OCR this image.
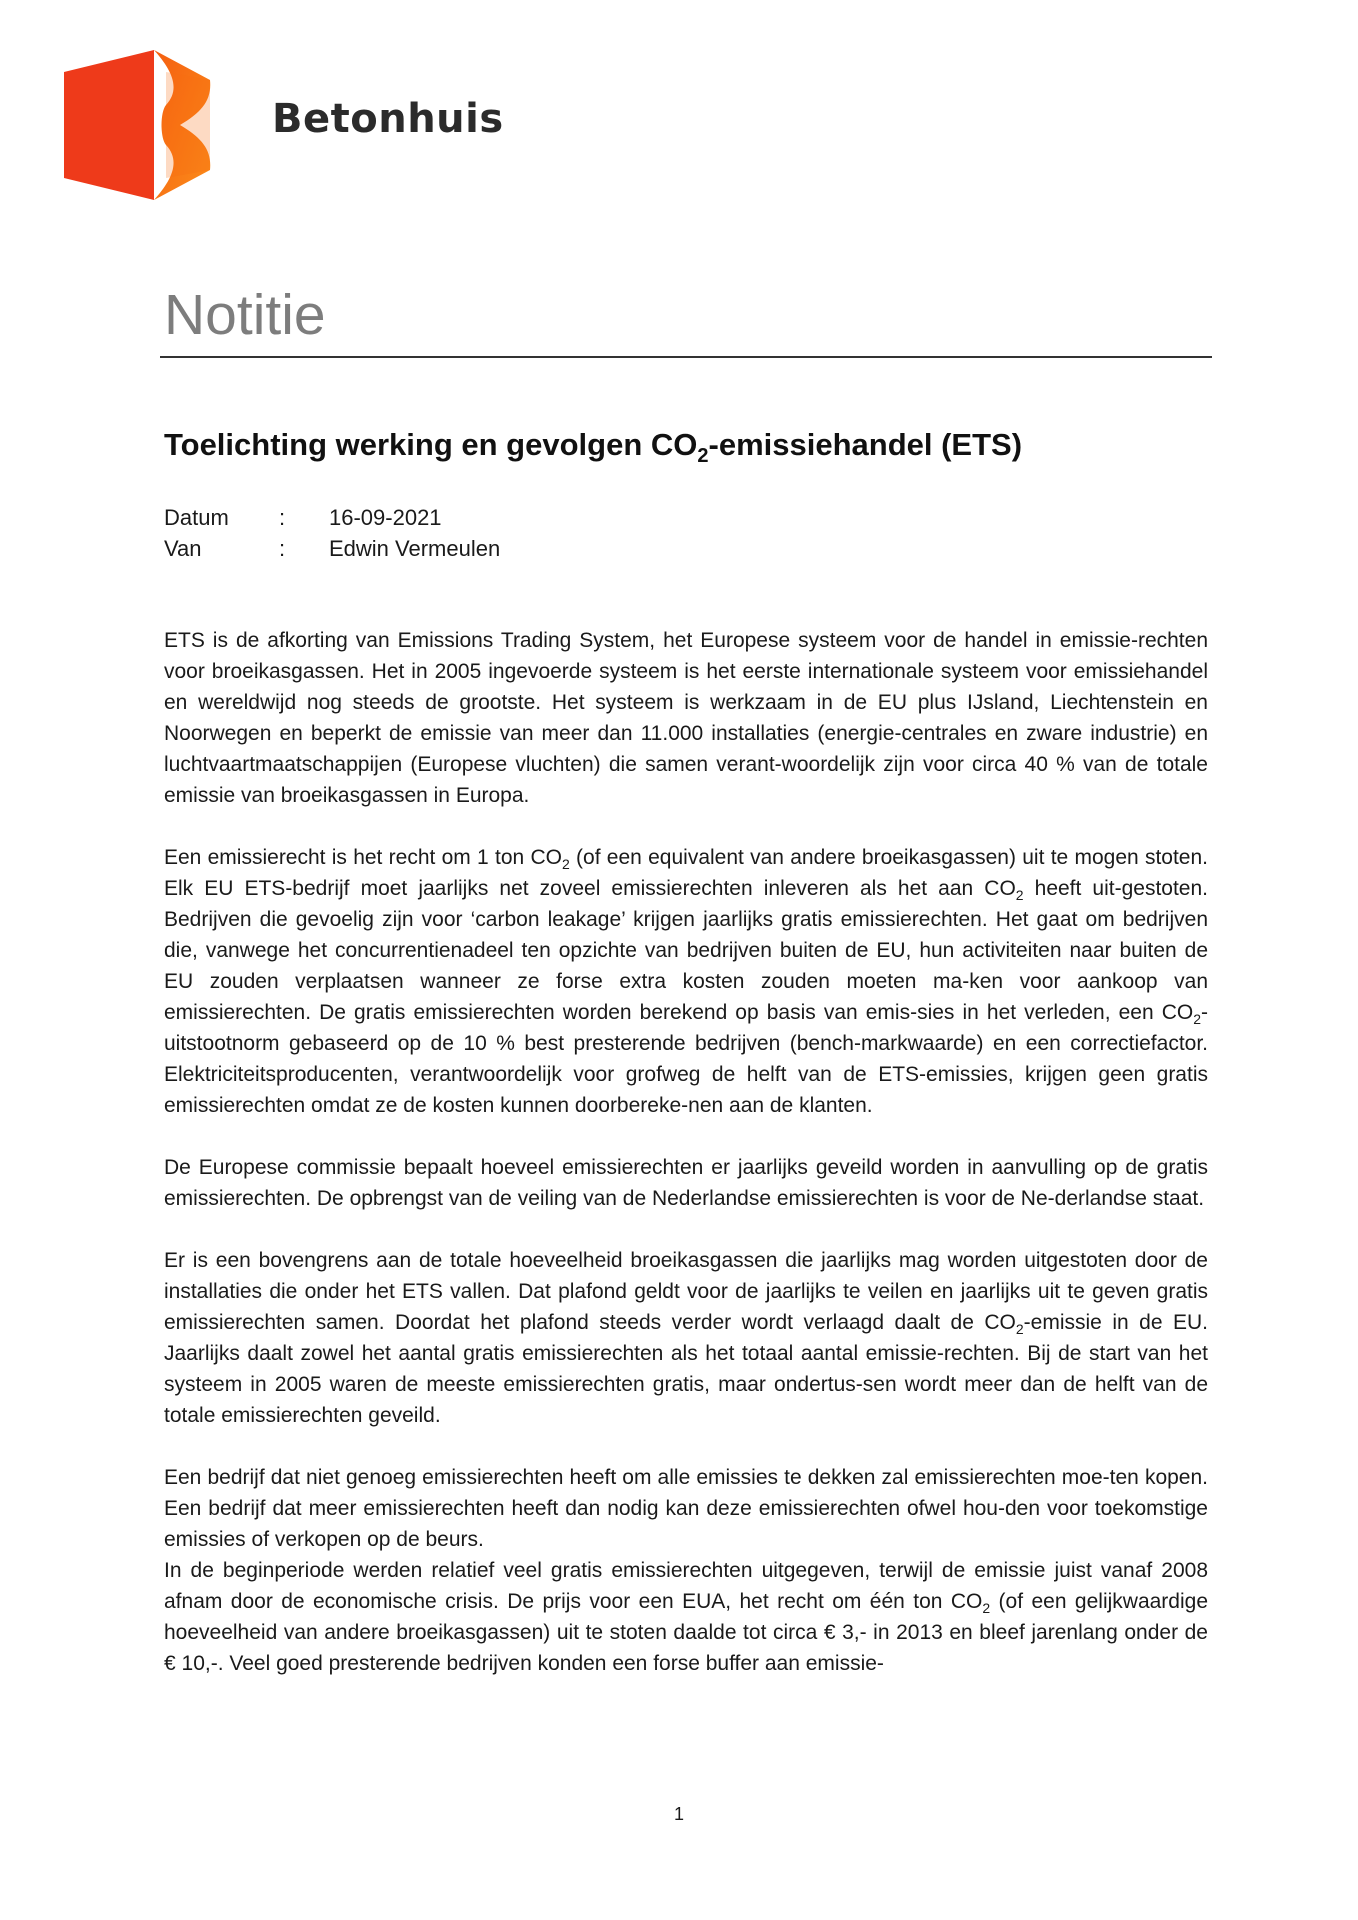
Betonhuis
Notitie
Toelichting werking en gevolgen $CO_2$-emissiehandel (ETS)
Datum	:	16-09-2021
Van	:	Edwin Vermeulen

ETS is de afkorting van Emissions Trading System, het Europese systeem voor de handel in emissie-rechten voor broeikasgassen. Het in 2005 ingevoerde systeem is het eerste internationale systeem voor emissiehandel en wereldwijd nog steeds de grootste. Het systeem is werkzaam in de EU plus IJsland, Liechtenstein en Noorwegen en beperkt de emissie van meer dan 11.000 installaties (energie-centrales en zware industrie) en luchtvaartmaatschappijen (Europese vluchten) die samen verant-woordelijk zijn voor circa 40 % van de totale emissie van broeikasgassen in Europa.

Een emissierecht is het recht om 1 ton $CO_2$ (of een equivalent van andere broeikasgassen) uit te mogen stoten. Elk EU ETS-bedrijf moet jaarlijks net zoveel emissierechten inleveren als het aan $CO_2$ heeft uit-gestoten. Bedrijven die gevoelig zijn voor ‘carbon leakage’ krijgen jaarlijks gratis emissierechten. Het gaat om bedrijven die, vanwege het concurrentienadeel ten opzichte van bedrijven buiten de EU, hun activiteiten naar buiten de EU zouden verplaatsen wanneer ze forse extra kosten zouden moeten ma-ken voor aankoop van emissierechten. De gratis emissierechten worden berekend op basis van emis-sies in het verleden, een $CO_2$-uitstootnorm gebaseerd op de 10 % best presterende bedrijven (bench-markwaarde) en een correctiefactor. Elektriciteitsproducenten, verantwoordelijk voor grofweg de helft van de ETS-emissies, krijgen geen gratis emissierechten omdat ze de kosten kunnen doorbereke-nen aan de klanten.

De Europese commissie bepaalt hoeveel emissierechten er jaarlijks geveild worden in aanvulling op de gratis emissierechten. De opbrengst van de veiling van de Nederlandse emissierechten is voor de Ne-derlandse staat.

Er is een bovengrens aan de totale hoeveelheid broeikasgassen die jaarlijks mag worden uitgestoten door de installaties die onder het ETS vallen. Dat plafond geldt voor de jaarlijks te veilen en jaarlijks uit te geven gratis emissierechten samen. Doordat het plafond steeds verder wordt verlaagd daalt de $CO_2$-emissie in de EU. Jaarlijks daalt zowel het aantal gratis emissierechten als het totaal aantal emissie-rechten. Bij de start van het systeem in 2005 waren de meeste emissierechten gratis, maar ondertus-sen wordt meer dan de helft van de totale emissierechten geveild.

Een bedrijf dat niet genoeg emissierechten heeft om alle emissies te dekken zal emissierechten moe-ten kopen. Een bedrijf dat meer emissierechten heeft dan nodig kan deze emissierechten ofwel hou-den voor toekomstige emissies of verkopen op de beurs.

In de beginperiode werden relatief veel gratis emissierechten uitgegeven, terwijl de emissie juist vanaf 2008 afnam door de economische crisis. De prijs voor een EUA, het recht om één ton $CO_2$ (of een gelijkwaardige hoeveelheid van andere broeikasgassen) uit te stoten daalde tot circa € 3,- in 2013 en bleef jarenlang onder de € 10,-. Veel goed presterende bedrijven konden een forse buffer aan emissie-

1
